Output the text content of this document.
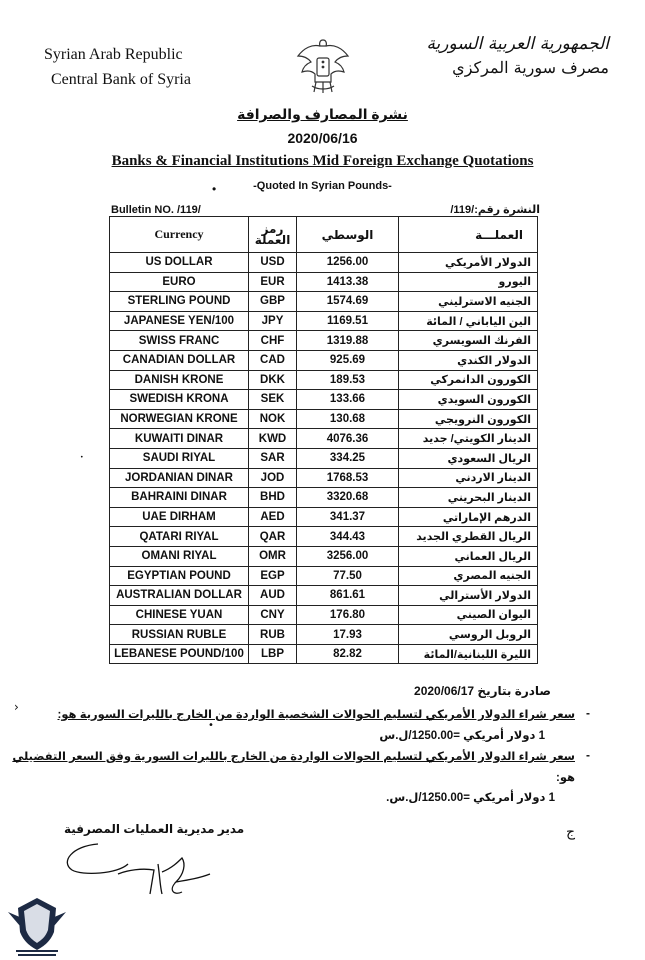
Syrian Arab Republic
Central Bank of Syria
الجمهورية العربية السورية
مصرف سورية المركزي
نشرة المصارف والصرافة
2020/06/16
Banks & Financial Institutions Mid Foreign Exchange Quotations
-Quoted In Syrian Pounds-
•
Bulletin NO. /119/	النشرة رقم:/119/
Currency	رمز العملة	الوسطي	العملـــة
US DOLLAR	USD	1256.00	الدولار الأمريكي
EURO	EUR	1413.38	اليورو
STERLING POUND	GBP	1574.69	الجنيه الاسترليني
JAPANESE YEN/100	JPY	1169.51	الين الياباني / المائة
SWISS FRANC	CHF	1319.88	الفرنك السويسري
CANADIAN DOLLAR	CAD	925.69	الدولار الكندي
DANISH KRONE	DKK	189.53	الكورون الدانمركي
SWEDISH KRONA	SEK	133.66	الكورون السويدي
NORWEGIAN KRONE	NOK	130.68	الكورون النرويجي
KUWAITI DINAR	KWD	4076.36	الدينار الكويتي/ جديد
SAUDI RIYAL	SAR	334.25	الريال السعودي
JORDANIAN DINAR	JOD	1768.53	الدينار الاردني
BAHRAINI DINAR	BHD	3320.68	الدينار البحريني
UAE DIRHAM	AED	341.37	الدرهم الإماراتي
QATARI RIYAL	QAR	344.43	الريال القطري الجديد
OMANI RIYAL	OMR	3256.00	الريال العماني
EGYPTIAN POUND	EGP	77.50	الجنيه المصري
AUSTRALIAN DOLLAR	AUD	861.61	الدولار الأسترالي
CHINESE YUAN	CNY	176.80	اليوان الصيني
RUSSIAN RUBLE	RUB	17.93	الروبل الروسي
LEBANESE POUND/100	LBP	82.82	الليرة اللبنانية/المائة
صادرة بتاريخ 2020/06/17
-
سعر شراء الدولار الأمريكي لتسليم الحوالات الشخصية الواردة من الخارج بالليرات السورية هو:
1 دولار أمريكي =1250.00/ل.س
•
-
سعر شراء الدولار الأمريكي لتسليم الحوالات الواردة من الخارج بالليرات السورية وفق السعر التفضيلي
هو:
1 دولار أمريكي =1250.00/ل.س.
مدير مديرية العمليات المصرفية
›
•
ج
